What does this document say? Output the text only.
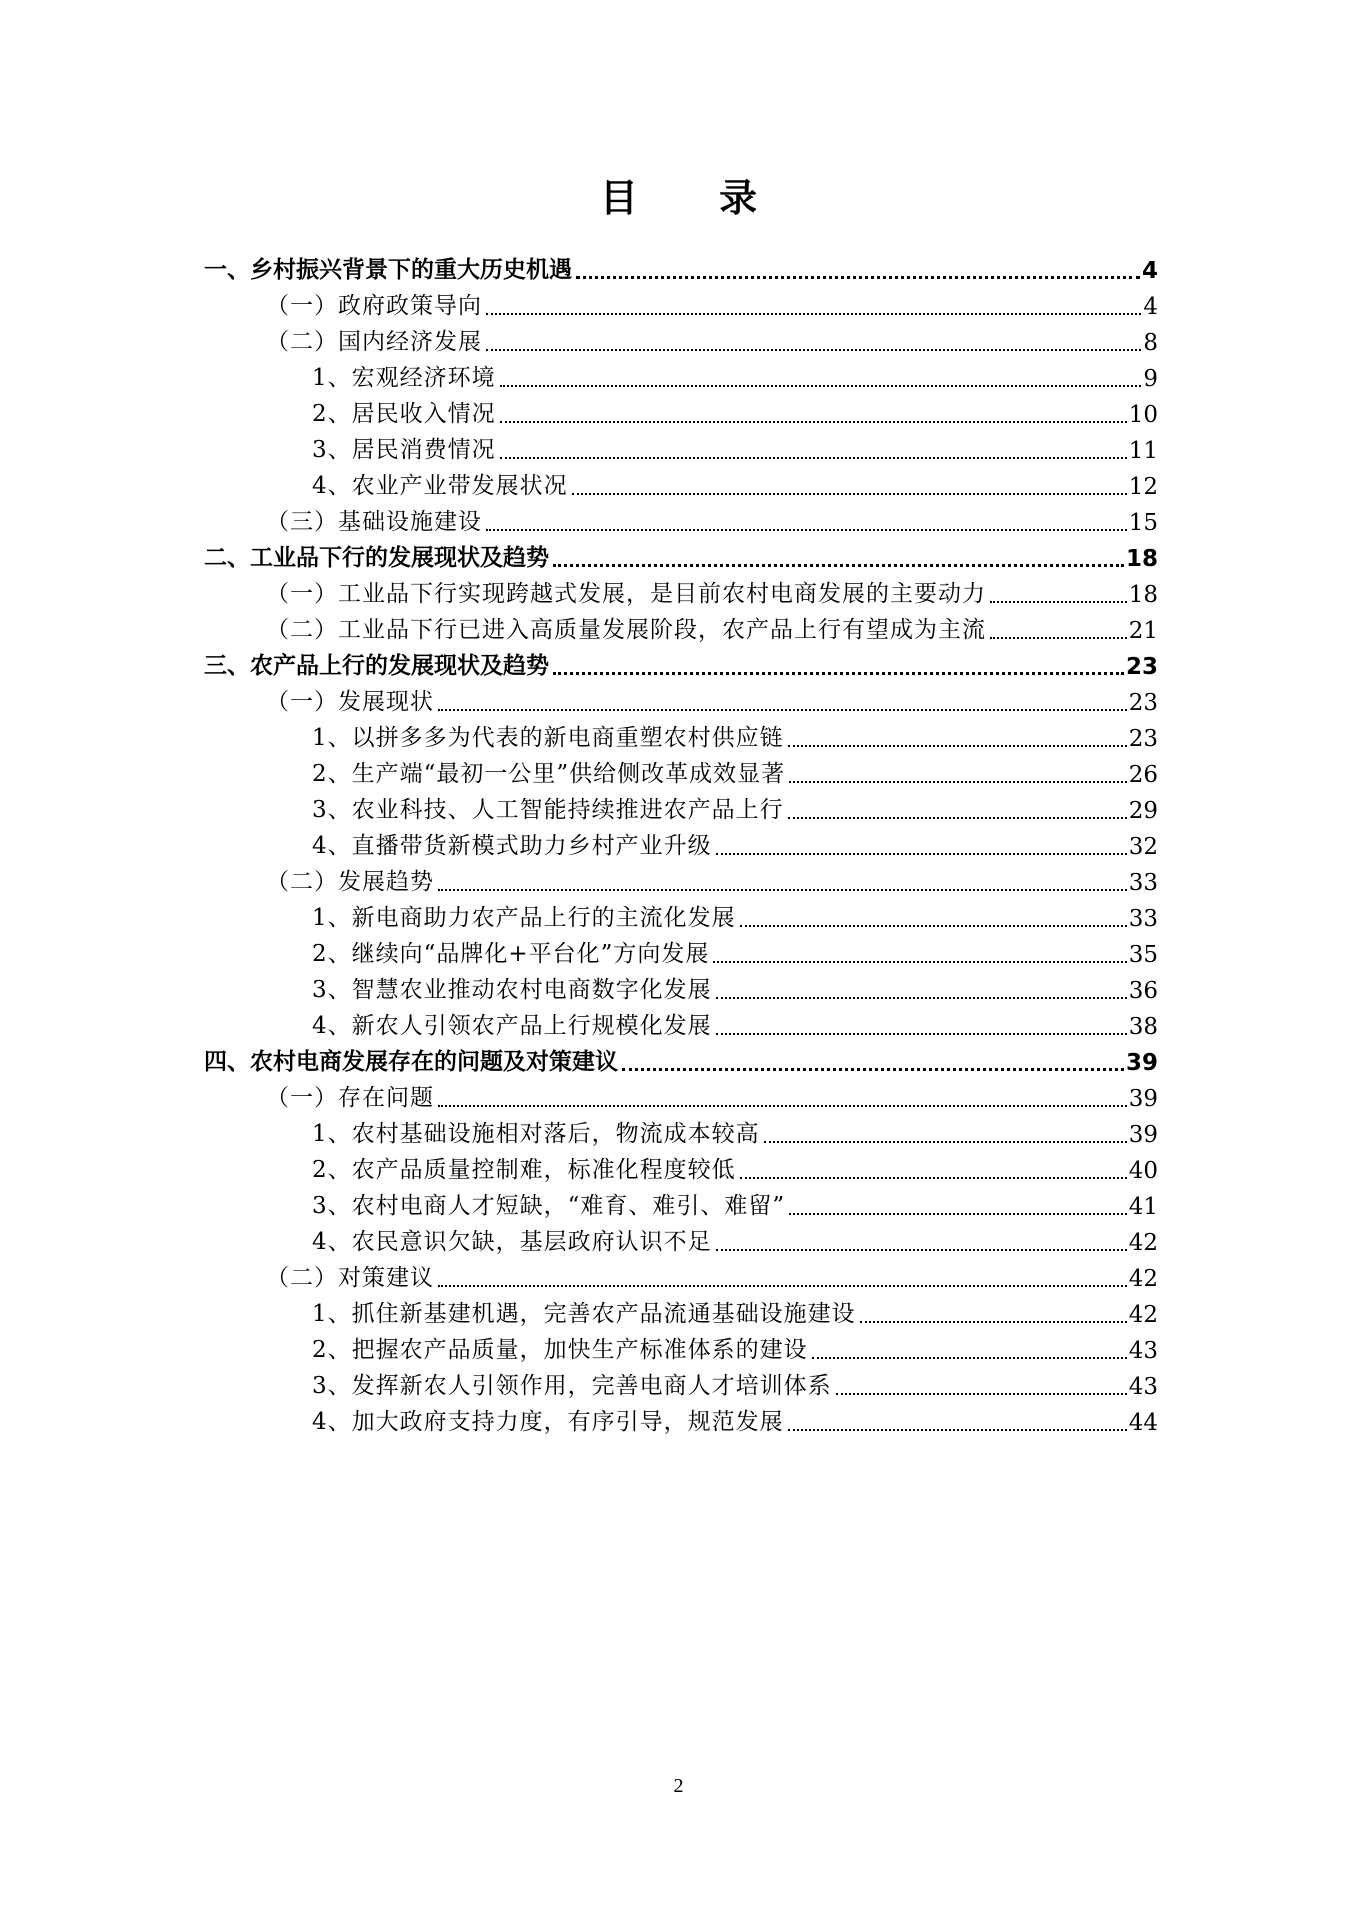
目 录
一、乡村振兴背景下的重大历史机遇	4
（一）政府政策导向	4
（二）国内经济发展	8
1、宏观经济环境	9
2、居民收入情况	10
3、居民消费情况	11
4、农业产业带发展状况	12
（三）基础设施建设	15
二、工业品下行的发展现状及趋势	18
（一）工业品下行实现跨越式发展，是目前农村电商发展的主要动力	18
（二）工业品下行已进入高质量发展阶段，农产品上行有望成为主流	21
三、农产品上行的发展现状及趋势	23
（一）发展现状	23
1、以拼多多为代表的新电商重塑农村供应链	23
2、生产端“最初一公里”供给侧改革成效显著	26
3、农业科技、人工智能持续推进农产品上行	29
4、直播带货新模式助力乡村产业升级	32
（二）发展趋势	33
1、新电商助力农产品上行的主流化发展	33
2、继续向“品牌化+平台化”方向发展	35
3、智慧农业推动农村电商数字化发展	36
4、新农人引领农产品上行规模化发展	38
四、农村电商发展存在的问题及对策建议	39
（一）存在问题	39
1、农村基础设施相对落后，物流成本较高	39
2、农产品质量控制难，标准化程度较低	40
3、农村电商人才短缺，“难育、难引、难留”	41
4、农民意识欠缺，基层政府认识不足	42
（二）对策建议	42
1、抓住新基建机遇，完善农产品流通基础设施建设	42
2、把握农产品质量，加快生产标准体系的建设	43
3、发挥新农人引领作用，完善电商人才培训体系	43
4、加大政府支持力度，有序引导，规范发展	44
2
